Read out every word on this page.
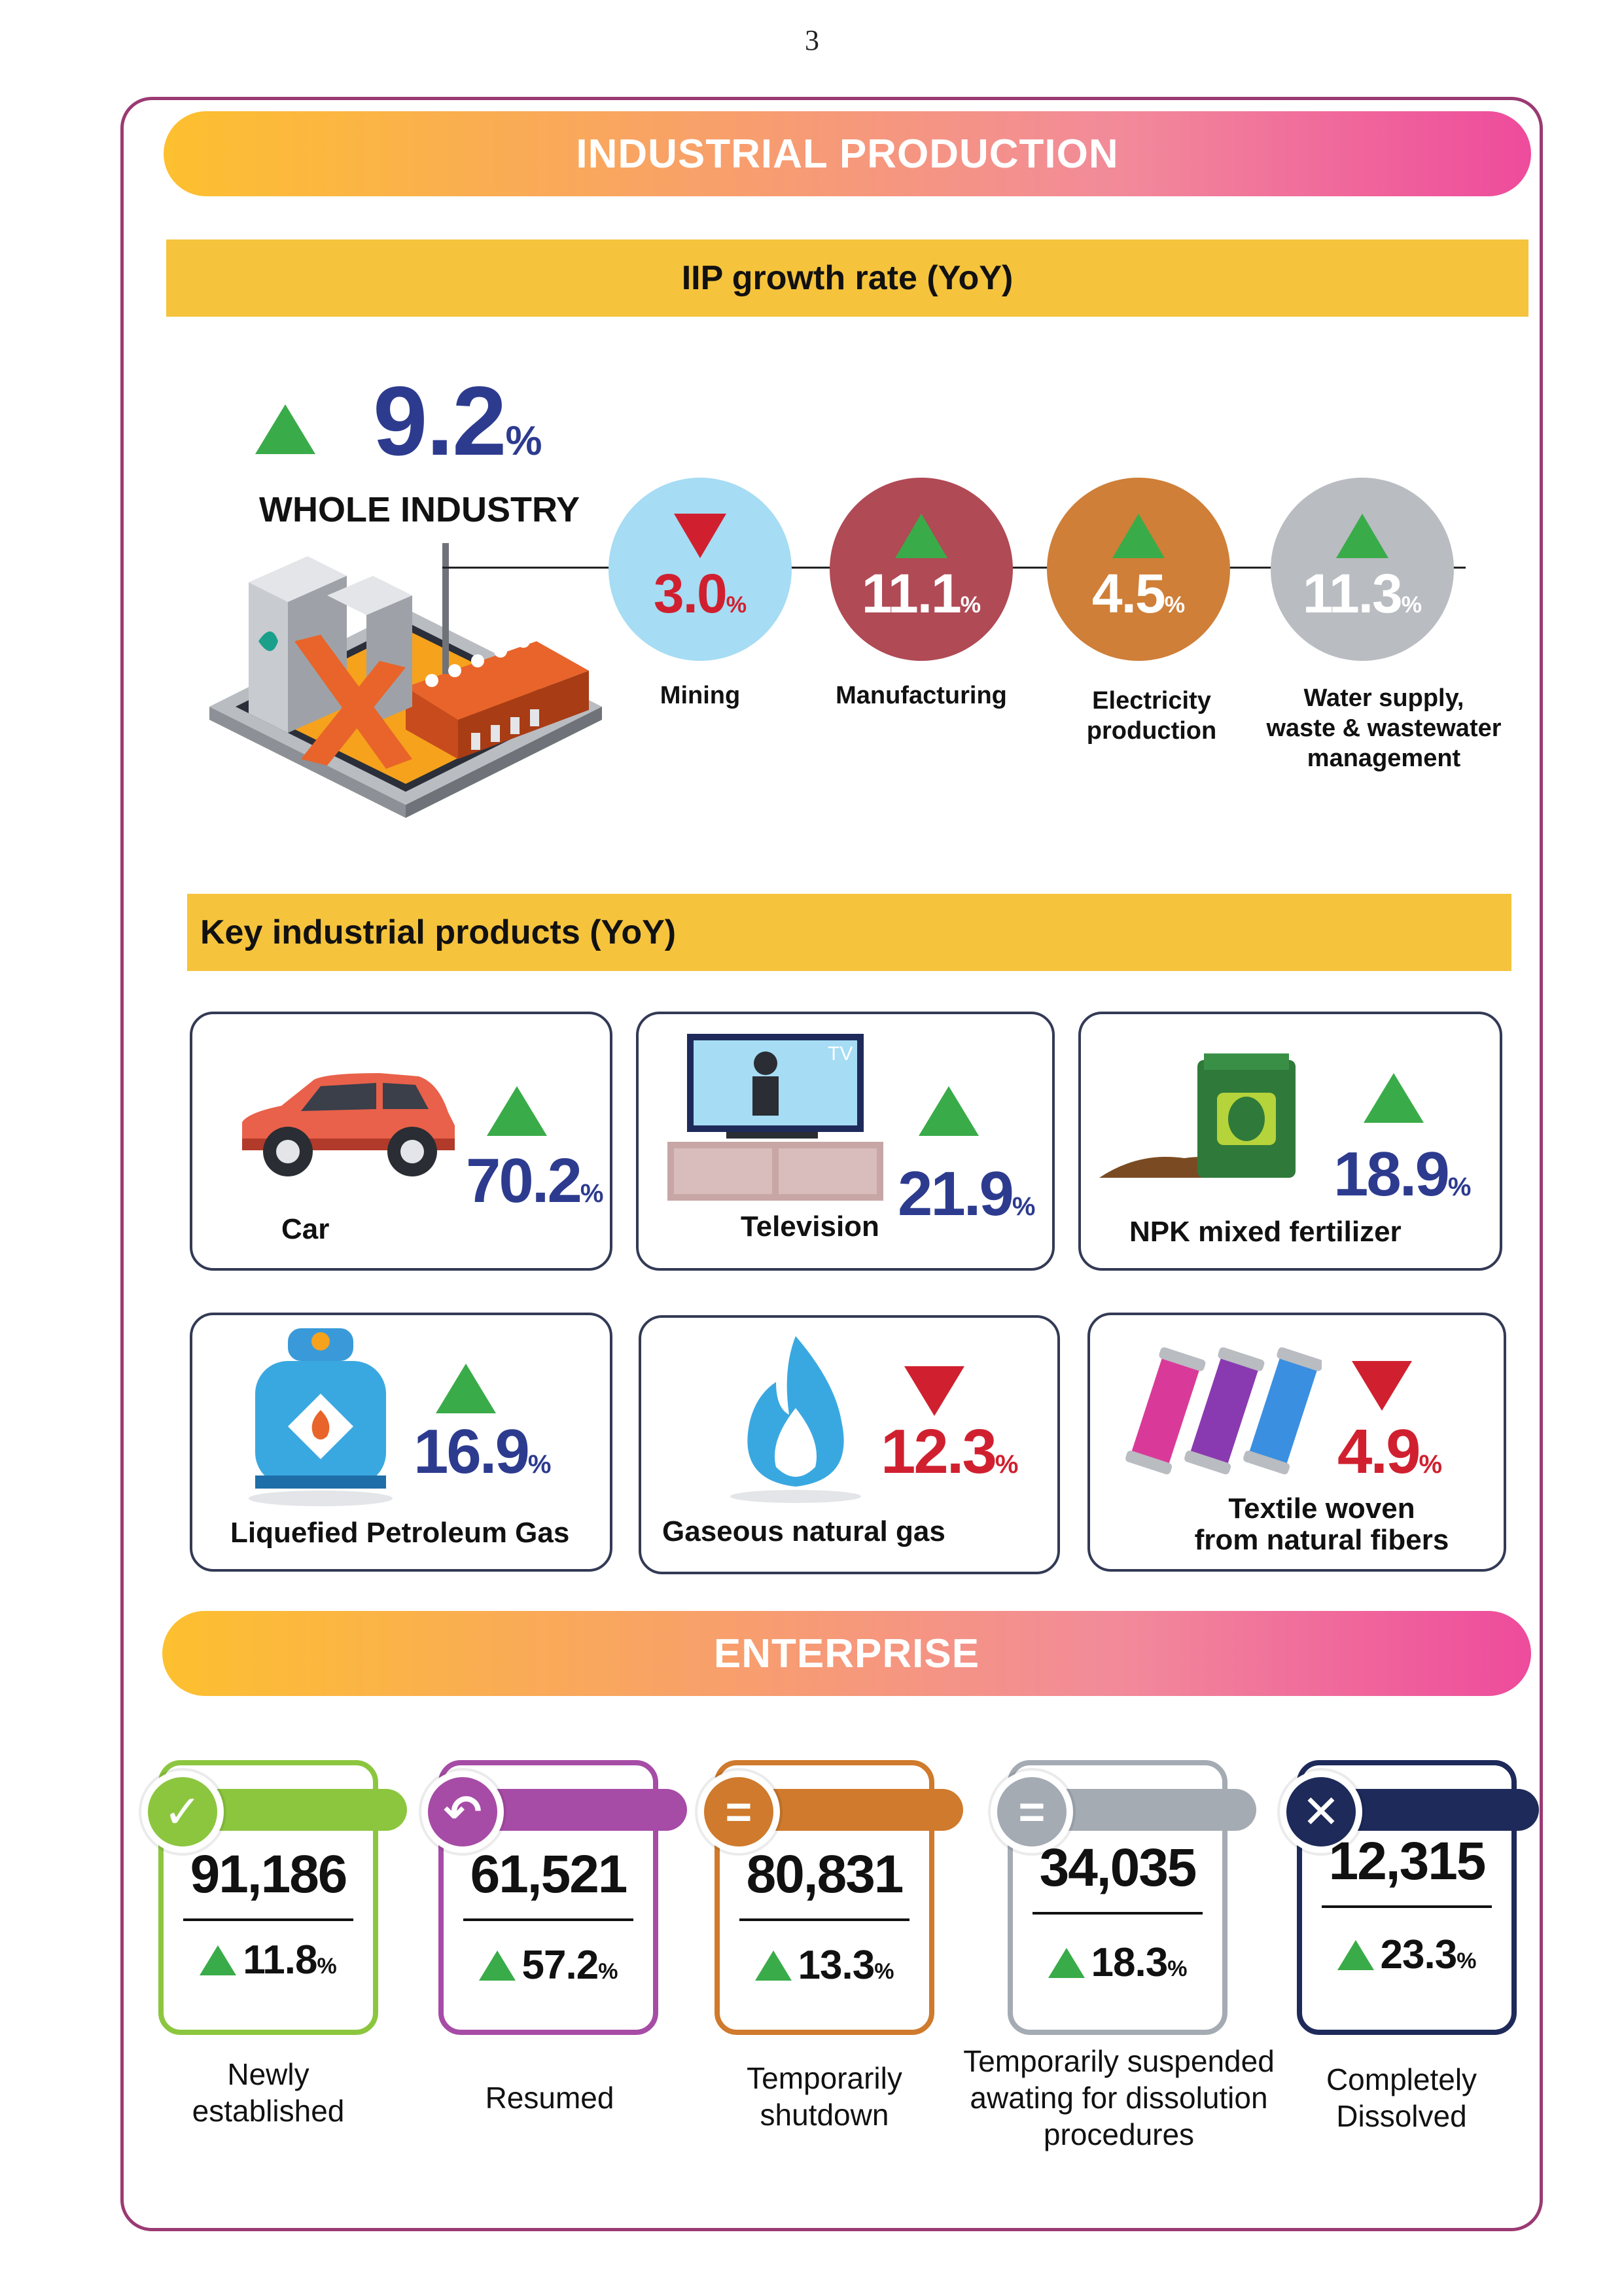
3
INDUSTRIAL PRODUCTION
IIP growth rate (YoY)
9.2%
WHOLE INDUSTRY
3.0%
Mining
11.1%
Manufacturing
4.5%
Electricity
production
11.3%
Water supply,
waste & wastewater
management
Key industrial products (YoY)
70.2%
Car
TV
21.9%
Television
18.9%
NPK mixed fertilizer
16.9%
Liquefied Petroleum Gas
12.3%
Gaseous natural gas
4.9%
Textile woven
from natural fibers
ENTERPRISE
✓
91,186
11.8%
Newly
established
↶
61,521
57.2%
Resumed
=
80,831
13.3%
Temporarily
shutdown
=
34,035
18.3%
Temporarily suspended
awating for dissolution
procedures
✕
12,315
23.3%
Completely
Dissolved
